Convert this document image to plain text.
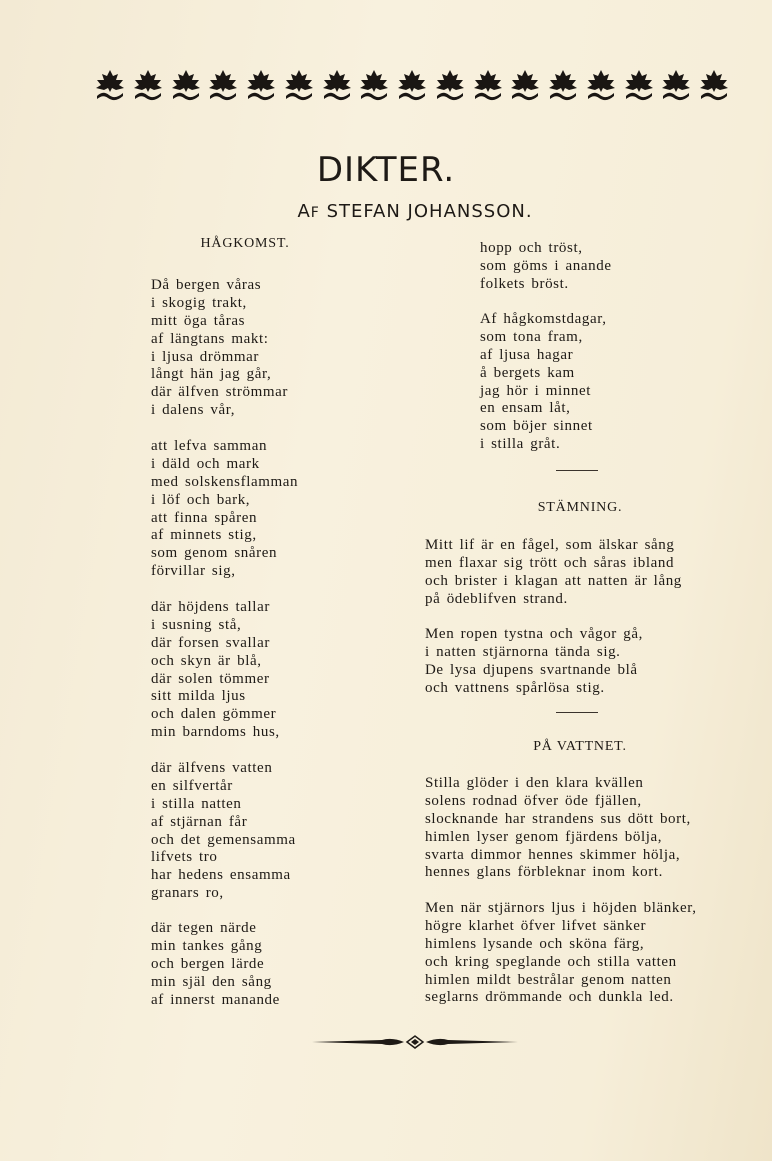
DIKTER.
AF STEFAN JOHANSSON.
HÅGKOMST.
Då bergen våras
i skogig trakt,
mitt öga tåras
af längtans makt:
i ljusa drömmar
långt hän jag går,
där älfven strömmar
i dalens vår,
att lefva samman
i däld och mark
med solskensflamman
i löf och bark,
att finna spåren
af minnets stig,
som genom snåren
förvillar sig,
där höjdens tallar
i susning stå,
där forsen svallar
och skyn är blå,
där solen tömmer
sitt milda ljus
och dalen gömmer
min barndoms hus,
där älfvens vatten
en silfvertår
i stilla natten
af stjärnan får
och det gemensamma
lifvets tro
har hedens ensamma
granars ro,
där tegen närde
min tankes gång
och bergen lärde
min själ den sång
af innerst manande
hopp och tröst,
som göms i anande
folkets bröst.
Af hågkomstdagar,
som tona fram,
af ljusa hagar
å bergets kam
jag hör i minnet
en ensam låt,
som böjer sinnet
i stilla gråt.
STÄMNING.
Mitt lif är en fågel, som älskar sång
men flaxar sig trött och såras ibland
och brister i klagan att natten är lång
på ödeblifven strand.
Men ropen tystna och vågor gå,
i natten stjärnorna tända sig.
De lysa djupens svartnande blå
och vattnens spårlösa stig.
PÅ VATTNET.
Stilla glöder i den klara kvällen
solens rodnad öfver öde fjällen,
slocknande har strandens sus dött bort,
himlen lyser genom fjärdens bölja,
svarta dimmor hennes skimmer hölja,
hennes glans förbleknar inom kort.
Men när stjärnors ljus i höjden blänker,
högre klarhet öfver lifvet sänker
himlens lysande och sköna färg,
och kring speglande och stilla vatten
himlen mildt bestrålar genom natten
seglarns drömmande och dunkla led.
